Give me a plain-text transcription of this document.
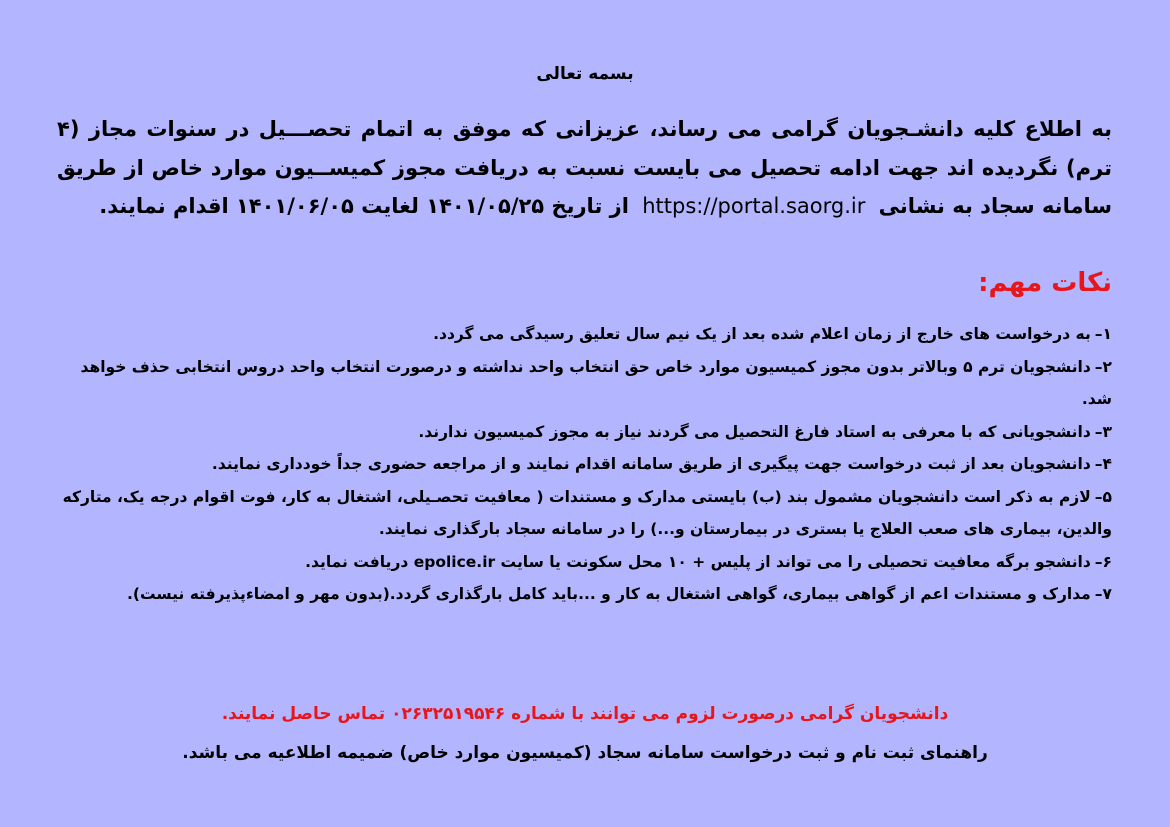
بسمه تعالی
به اطلاع کلیه دانشـجویان گرامی می رساند، عزیزانی که موفق به اتمام تحصـــیل در سنوات مجاز (۴ ترم) نگردیده اند جهت ادامه تحصیل می بایست نسبت به دریافت مجوز کمیســیون موارد خاص از طریق سامانه سجاد به نشانی https://portal.saorg.ir از تاریخ ۱۴۰۱/۰۵/۲۵ لغایت ۱۴۰۱/۰۶/۰۵ اقدام نمایند.
نکات مهم:
۱–به درخواست های خارج از زمان اعلام شده بعد از یک نیم سال تعلیق رسیدگی می گردد.
۲–دانشجویان ترم ۵ وبالاتر بدون مجوز کمیسیون موارد خاص حق انتخاب واحد نداشته و درصورت انتخاب واحد دروس انتخابی حذف خواهد شد.
۳–دانشجویانی که با معرفی به استاد فارغ التحصیل می گردند نیاز به مجوز کمیسیون ندارند.
۴–دانشجویان بعد از ثبت درخواست جهت پیگیری از طریق سامانه اقدام نمایند و از مراجعه حضوری جداً خودداری نمایند.
۵–لازم به ذکر است دانشجویان مشمول بند (ب) بایستی مدارک و مستندات ( معافیت تحصـیلی، اشتغال به کار، فوت اقوام درجه یک، متارکه والدین، بیماری های صعب العلاج یا بستری در بیمارستان و...) را در سامانه سجاد بارگذاری نمایند.
۶–دانشجو برگه معافیت تحصیلی را می تواند از پلیس + ۱۰ محل سکونت یا سایت epolice.ir دریافت نماید.
۷–مدارک و مستندات اعم از گواهی بیماری، گواهی اشتغال به کار و ...باید کامل بارگذاری گردد.(بدون مهر و امضاءپذیرفته نیست).
دانشجویان گرامی درصورت لزوم می توانند با شماره ۰۲۶۳۲۵۱۹۵۴۶ تماس حاصل نمایند.
راهنمای ثبت نام و ثبت درخواست سامانه سجاد (کمیسیون موارد خاص) ضمیمه اطلاعیه می باشد.
